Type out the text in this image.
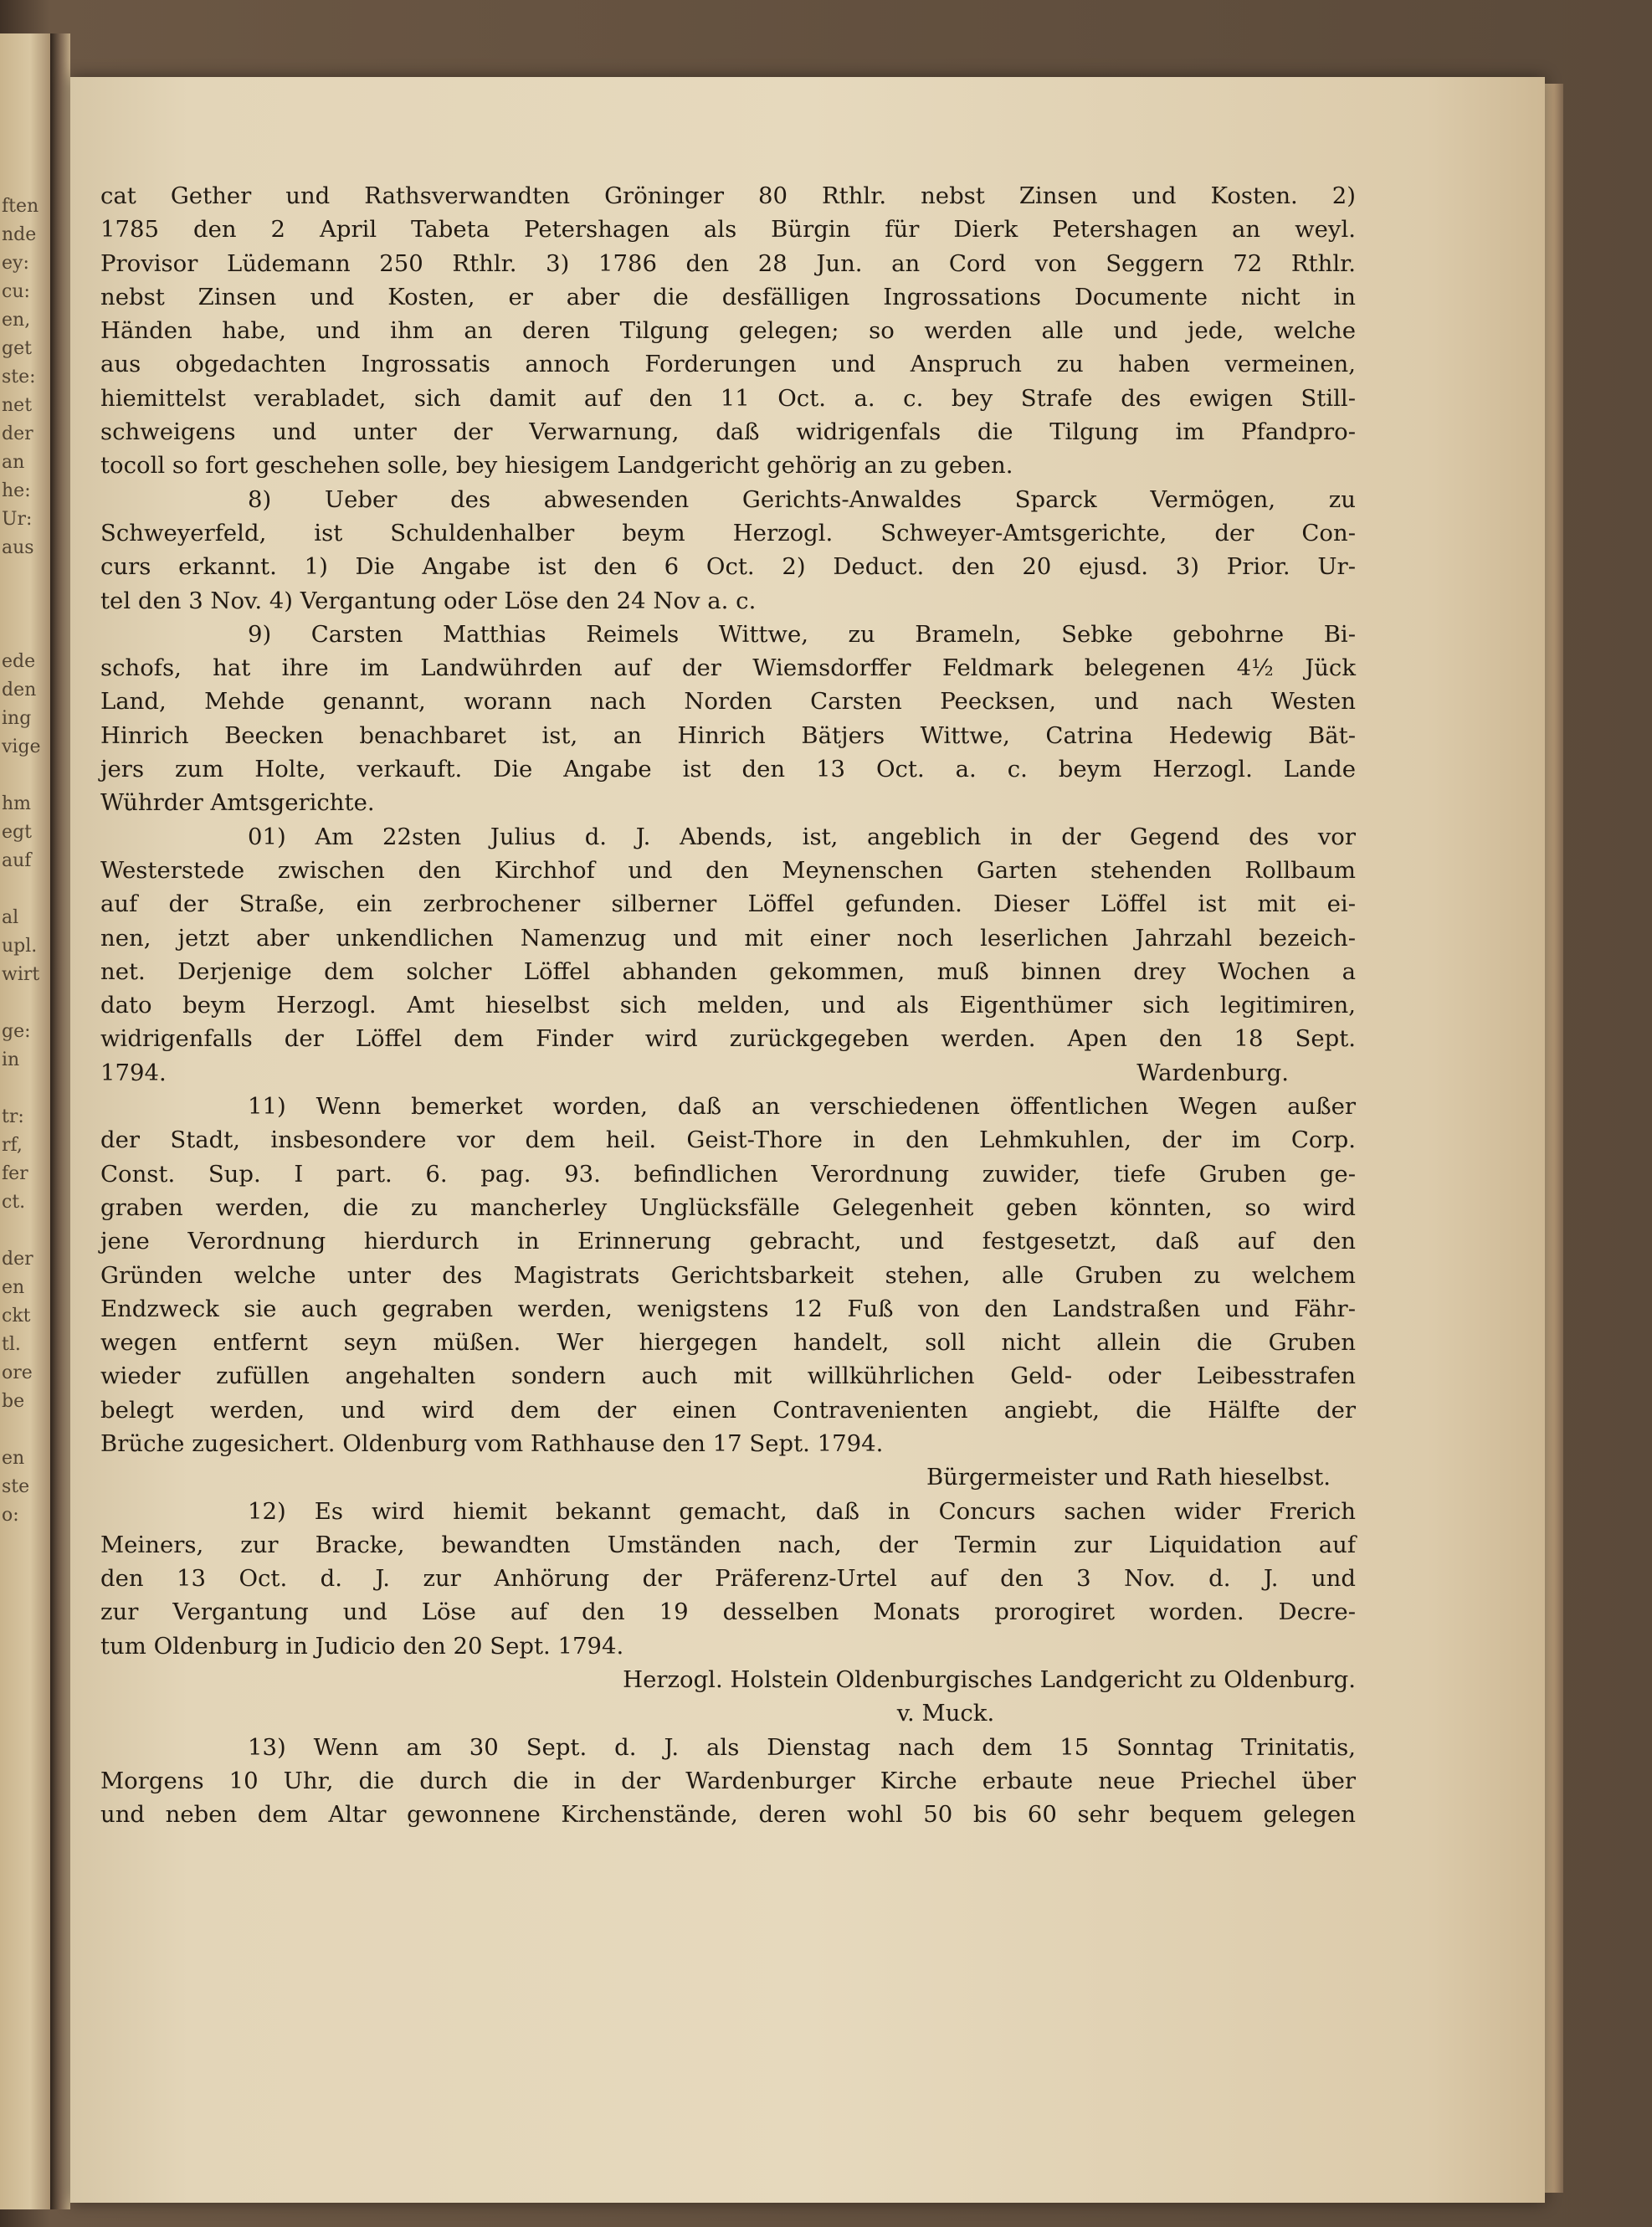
ften
nde
ey:
cu:
en,
get
ste:
net
der
an
he:
Ur:
aus

ede
den
ing
vige

hm
egt
auf

al
upl.
wirt

ge:
in

tr:
rf,
fer
ct.

der
en
ckt
tl.
ore
be

en
ste
o:
cat Gether und Rathsverwandten Gröninger 80 Rthlr. nebst Zinsen und Kosten. 2)
1785 den 2 April Tabeta Petershagen als Bürgin für Dierk Petershagen an weyl.
Provisor Lüdemann 250 Rthlr. 3) 1786 den 28 Jun. an Cord von Seggern 72 Rthlr.
nebst Zinsen und Kosten, er aber die desfälligen Ingrossations Documente nicht in
Händen habe, und ihm an deren Tilgung gelegen; so werden alle und jede, welche
aus obgedachten Ingrossatis annoch Forderungen und Anspruch zu haben vermeinen,
hiemittelst verabladet, sich damit auf den 11 Oct. a. c. bey Strafe des ewigen Still-
schweigens und unter der Verwarnung, daß widrigenfals die Tilgung im Pfandpro-
tocoll so fort geschehen solle, bey hiesigem Landgericht gehörig an zu geben.
8) Ueber des abwesenden Gerichts-Anwaldes Sparck Vermögen, zu
Schweyerfeld, ist Schuldenhalber beym Herzogl. Schweyer-Amtsgerichte, der Con-
curs erkannt. 1) Die Angabe ist den 6 Oct. 2) Deduct. den 20 ejusd. 3) Prior. Ur-
tel den 3 Nov. 4) Vergantung oder Löse den 24 Nov a. c.
9) Carsten Matthias Reimels Wittwe, zu Brameln, Sebke gebohrne Bi-
schofs, hat ihre im Landwührden auf der Wiemsdorffer Feldmark belegenen 4½ Jück
Land, Mehde genannt, worann nach Norden Carsten Peecksen, und nach Westen
Hinrich Beecken benachbaret ist, an Hinrich Bätjers Wittwe, Catrina Hedewig Bät-
jers zum Holte, verkauft. Die Angabe ist den 13 Oct. a. c. beym Herzogl. Lande
Wührder Amtsgerichte.
01) Am 22sten Julius d. J. Abends, ist, angeblich in der Gegend des vor
Westerstede zwischen den Kirchhof und den Meynenschen Garten stehenden Rollbaum
auf der Straße, ein zerbrochener silberner Löffel gefunden. Dieser Löffel ist mit ei-
nen, jetzt aber unkendlichen Namenzug und mit einer noch leserlichen Jahrzahl bezeich-
net. Derjenige dem solcher Löffel abhanden gekommen, muß binnen drey Wochen a
dato beym Herzogl. Amt hieselbst sich melden, und als Eigenthümer sich legitimiren,
widrigenfalls der Löffel dem Finder wird zurückgegeben werden. Apen den 18 Sept.
1794.	Wardenburg.
11) Wenn bemerket worden, daß an verschiedenen öffentlichen Wegen außer
der Stadt, insbesondere vor dem heil. Geist-Thore in den Lehmkuhlen, der im Corp.
Const. Sup. I part. 6. pag. 93. befindlichen Verordnung zuwider, tiefe Gruben ge-
graben werden, die zu mancherley Unglücksfälle Gelegenheit geben könnten, so wird
jene Verordnung hierdurch in Erinnerung gebracht, und festgesetzt, daß auf den
Gründen welche unter des Magistrats Gerichtsbarkeit stehen, alle Gruben zu welchem
Endzweck sie auch gegraben werden, wenigstens 12 Fuß von den Landstraßen und Fähr-
wegen entfernt seyn müßen. Wer hiergegen handelt, soll nicht allein die Gruben
wieder zufüllen angehalten sondern auch mit willkührlichen Geld- oder Leibesstrafen
belegt werden, und wird dem der einen Contravenienten angiebt, die Hälfte der
Brüche zugesichert. Oldenburg vom Rathhause den 17 Sept. 1794.
Bürgermeister und Rath hieselbst.
12) Es wird hiemit bekannt gemacht, daß in Concurs sachen wider Frerich
Meiners, zur Bracke, bewandten Umständen nach, der Termin zur Liquidation auf
den 13 Oct. d. J. zur Anhörung der Präferenz-Urtel auf den 3 Nov. d. J. und
zur Vergantung und Löse auf den 19 desselben Monats prorogiret worden. Decre-
tum Oldenburg in Judicio den 20 Sept. 1794.
Herzogl. Holstein Oldenburgisches Landgericht zu Oldenburg.
v. Muck.
13) Wenn am 30 Sept. d. J. als Dienstag nach dem 15 Sonntag Trinitatis,
Morgens 10 Uhr, die durch die in der Wardenburger Kirche erbaute neue Priechel über
und neben dem Altar gewonnene Kirchenstände, deren wohl 50 bis 60 sehr bequem gelegen
